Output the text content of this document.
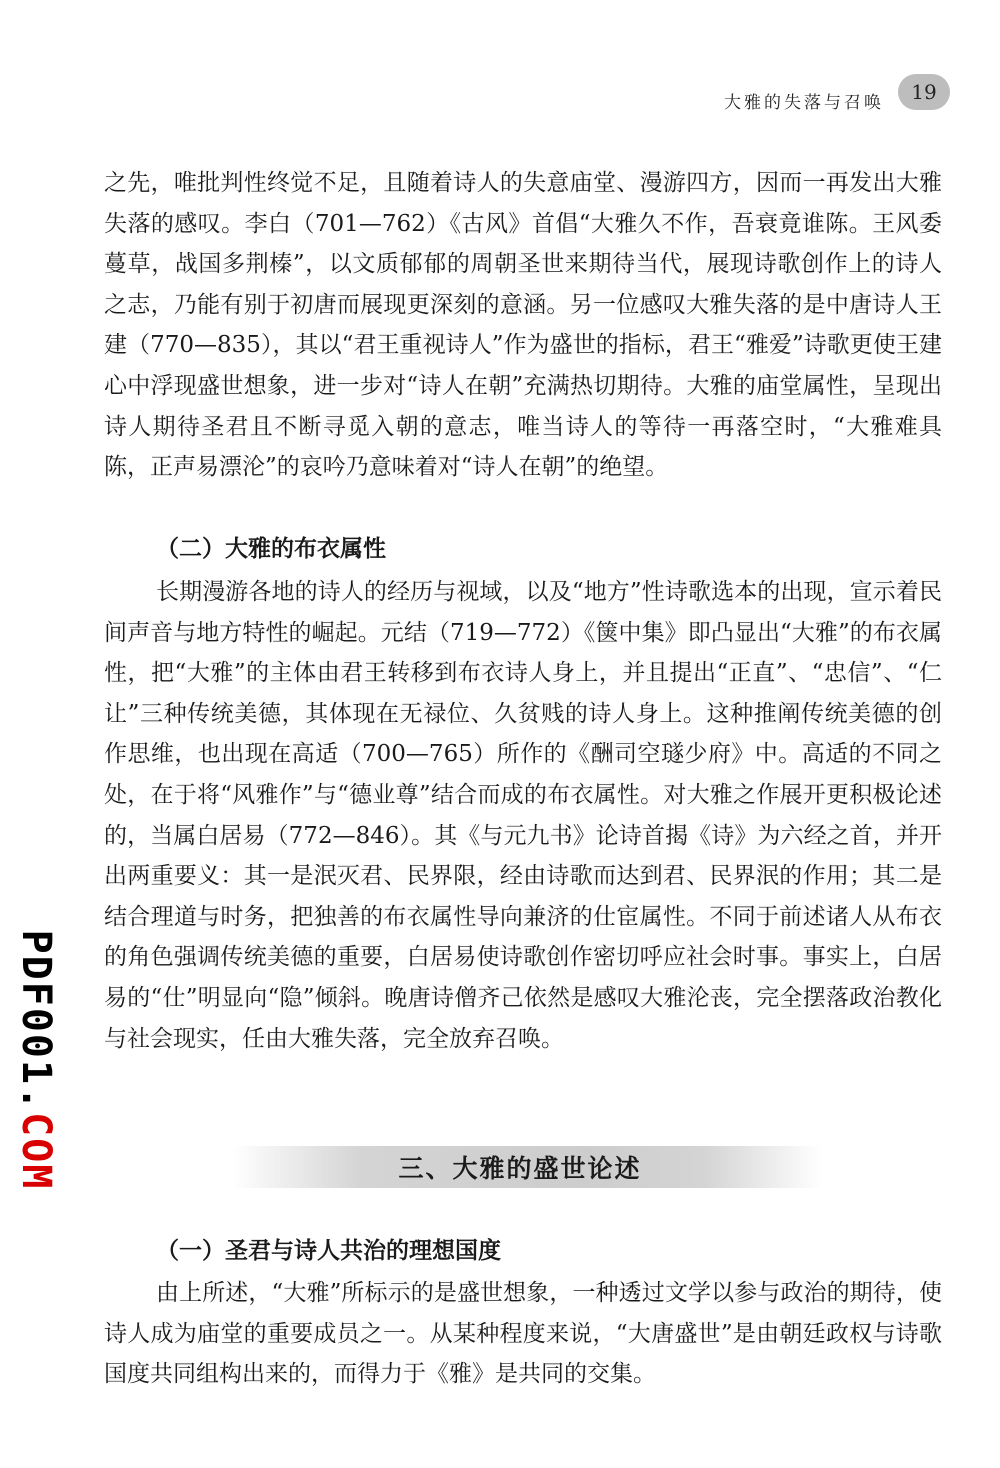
大雅的失落与召唤	19

之先，唯批判性终觉不足，且随着诗人的失意庙堂、漫游四方，因而一再发出大雅失落的感叹。李白（701—762）《古风》首倡“大雅久不作，吾衰竟谁陈。王风委蔓草，战国多荆榛”，以文质郁郁的周朝圣世来期待当代，展现诗歌创作上的诗人之志，乃能有别于初唐而展现更深刻的意涵。另一位感叹大雅失落的是中唐诗人王建（770—835），其以“君王重视诗人”作为盛世的指标，君王“雅爱”诗歌更使王建心中浮现盛世想象，进一步对“诗人在朝”充满热切期待。大雅的庙堂属性，呈现出诗人期待圣君且不断寻觅入朝的意志，唯当诗人的等待一再落空时，“大雅难具陈，正声易漂沦”的哀吟乃意味着对“诗人在朝”的绝望。

（二）大雅的布衣属性

长期漫游各地的诗人的经历与视域，以及“地方”性诗歌选本的出现，宣示着民间声音与地方特性的崛起。元结（719—772）《箧中集》即凸显出“大雅”的布衣属性，把“大雅”的主体由君王转移到布衣诗人身上，并且提出“正直”、“忠信”、“仁让”三种传统美德，其体现在无禄位、久贫贱的诗人身上。这种推阐传统美德的创作思维，也出现在高适（700—765）所作的《酬司空璲少府》中。高适的不同之处，在于将“风雅作”与“德业尊”结合而成的布衣属性。对大雅之作展开更积极论述的，当属白居易（772—846）。其《与元九书》论诗首揭《诗》为六经之首，并开出两重要义：其一是泯灭君、民界限，经由诗歌而达到君、民界泯的作用；其二是结合理道与时务，把独善的布衣属性导向兼济的仕宦属性。不同于前述诸人从布衣的角色强调传统美德的重要，白居易使诗歌创作密切呼应社会时事。事实上，白居易的“仕”明显向“隐”倾斜。晚唐诗僧齐己依然是感叹大雅沦丧，完全摆落政治教化与社会现实，任由大雅失落，完全放弃召唤。

三、大雅的盛世论述

（一）圣君与诗人共治的理想国度

由上所述，“大雅”所标示的是盛世想象，一种透过文学以参与政治的期待，使诗人成为庙堂的重要成员之一。从某种程度来说，“大唐盛世”是由朝廷政权与诗歌国度共同组构出来的，而得力于《雅》是共同的交集。

PDF001.COM
